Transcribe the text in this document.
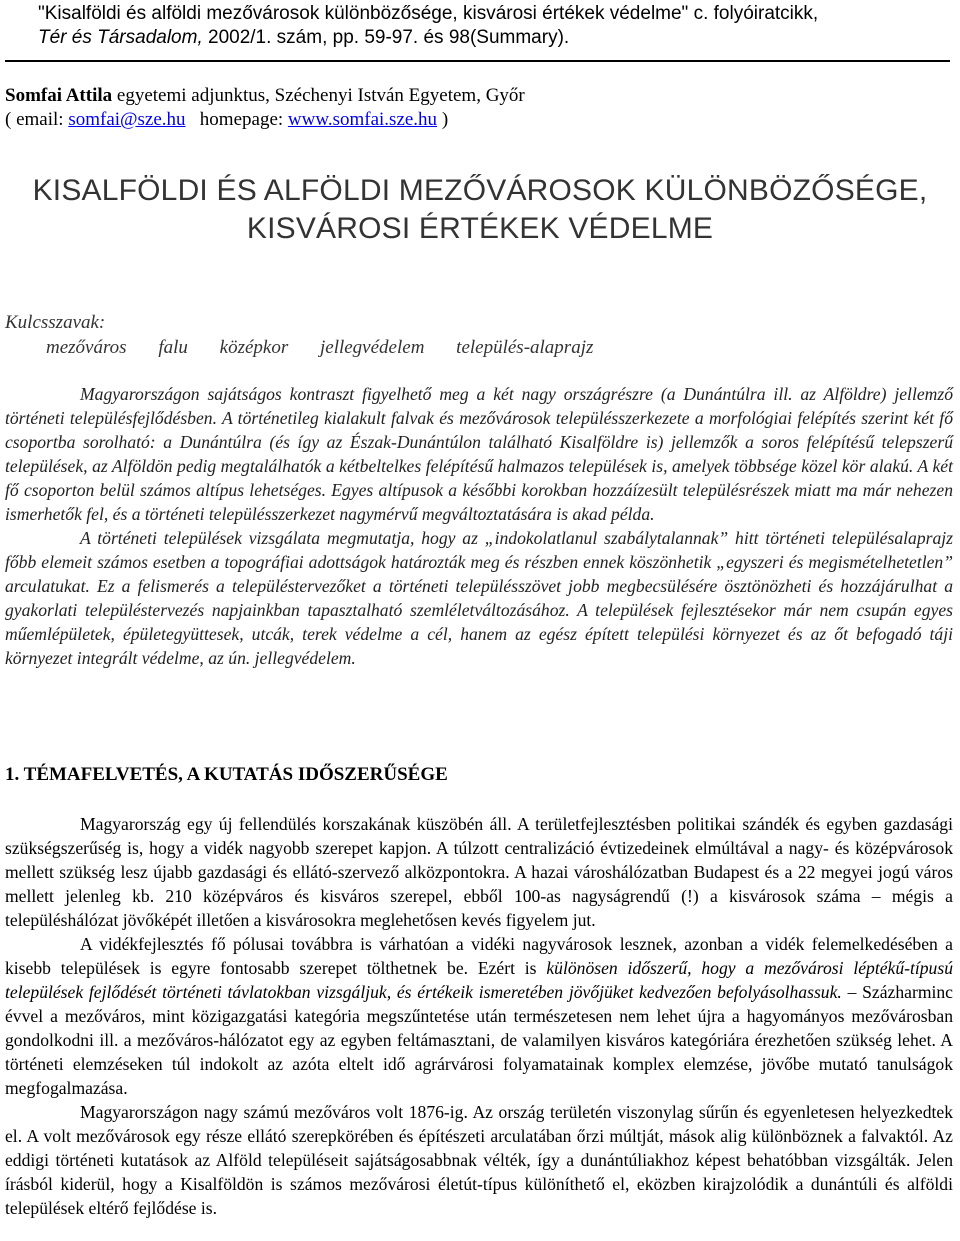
"Kisalföldi és alföldi mezővárosok különbözősége, kisvárosi értékek védelme" c. folyóiratcikk,
Tér és Társadalom, 2002/1. szám, pp. 59-97. és 98(Summary).
Somfai Attila egyetemi adjunktus, Széchenyi István Egyetem, Győr
( email: somfai@sze.hu   homepage: www.somfai.sze.hu )
KISALFÖLDI ÉS ALFÖLDI MEZŐVÁROSOK KÜLÖNBÖZŐSÉGE,
KISVÁROSI ÉRTÉKEK VÉDELME
Kulcsszavak:
mezőváros falu középkor jellegvédelem település-alaprajz

Magyarországon sajátságos kontraszt figyelhető meg a két nagy országrészre (a Dunántúlra ill. az Alföldre) jellemző történeti településfejlődésben. A történetileg kialakult falvak és mezővárosok településszerkezete a morfológiai felépítés szerint két fő csoportba sorolható: a Dunántúlra (és így az Észak-Dunántúlon található Kisalföldre is) jellemzők a soros felépítésű telepszerű települések, az Alföldön pedig megtalálhatók a kétbeltelkes felépítésű halmazos települések is, amelyek többsége közel kör alakú. A két fő csoporton belül számos altípus lehetséges. Egyes altípusok a későbbi korokban hozzáízesült településrészek miatt ma már nehezen ismerhetők fel, és a történeti településszerkezet nagymérvű megváltoztatására is akad példa.

A történeti települések vizsgálata megmutatja, hogy az „indokolatlanul szabálytalannak” hitt történeti településalaprajz főbb elemeit számos esetben a topográfiai adottságok határozták meg és részben ennek köszönhetik „egyszeri és megismételhetetlen” arculatukat. Ez a felismerés a településtervezőket a történeti településszövet jobb megbecsülésére ösztönözheti és hozzájárulhat a gyakorlati településtervezés napjainkban tapasztalható szemléletváltozásához. A települések fejlesztésekor már nem csupán egyes műemlépületek, épületegyüttesek, utcák, terek védelme a cél, hanem az egész épített települési környezet és az őt befogadó táji környezet integrált védelme, az ún. jellegvédelem.

1. TÉMAFELVETÉS, A KUTATÁS IDŐSZERŰSÉGE

Magyarország egy új fellendülés korszakának küszöbén áll. A területfejlesztésben politikai szándék és egyben gazdasági szükségszerűség is, hogy a vidék nagyobb szerepet kapjon. A túlzott centralizáció évtizedeinek elmúltával a nagy- és középvárosok mellett szükség lesz újabb gazdasági és ellátó-szervező alközpontokra. A hazai városhálózatban Budapest és a 22 megyei jogú város mellett jelenleg kb. 210 középváros és kisváros szerepel, ebből 100-as nagyságrendű (!) a kisvárosok száma – mégis a településhálózat jövőképét illetően a kisvárosokra meglehetősen kevés figyelem jut.

A vidékfejlesztés fő pólusai továbbra is várhatóan a vidéki nagyvárosok lesznek, azonban a vidék felemelkedésében a kisebb települések is egyre fontosabb szerepet tölthetnek be. Ezért is különösen időszerű, hogy a mezővárosi léptékű-típusú települések fejlődését történeti távlatokban vizsgáljuk, és értékeik ismeretében jövőjüket kedvezően befolyásolhassuk. – Százharminc évvel a mezőváros, mint közigazgatási kategória megszűntetése után természetesen nem lehet újra a hagyományos mezővárosban gondolkodni ill. a mezőváros-hálózatot egy az egyben feltámasztani, de valamilyen kisváros kategóriára érezhetően szükség lehet. A történeti elemzéseken túl indokolt az azóta eltelt idő agrárvárosi folyamatainak komplex elemzése, jövőbe mutató tanulságok megfogalmazása.

Magyarországon nagy számú mezőváros volt 1876-ig. Az ország területén viszonylag sűrűn és egyenletesen helyezkedtek el. A volt mezővárosok egy része ellátó szerepkörében és építészeti arculatában őrzi múltját, mások alig különböznek a falvaktól. Az eddigi történeti kutatások az Alföld településeit sajátságosabbnak vélték, így a dunántúliakhoz képest behatóbban vizsgálták. Jelen írásból kiderül, hogy a Kisalföldön is számos mezővárosi életút-típus különíthető el, eközben kirajzolódik a dunántúli és alföldi települések eltérő fejlődése is.
